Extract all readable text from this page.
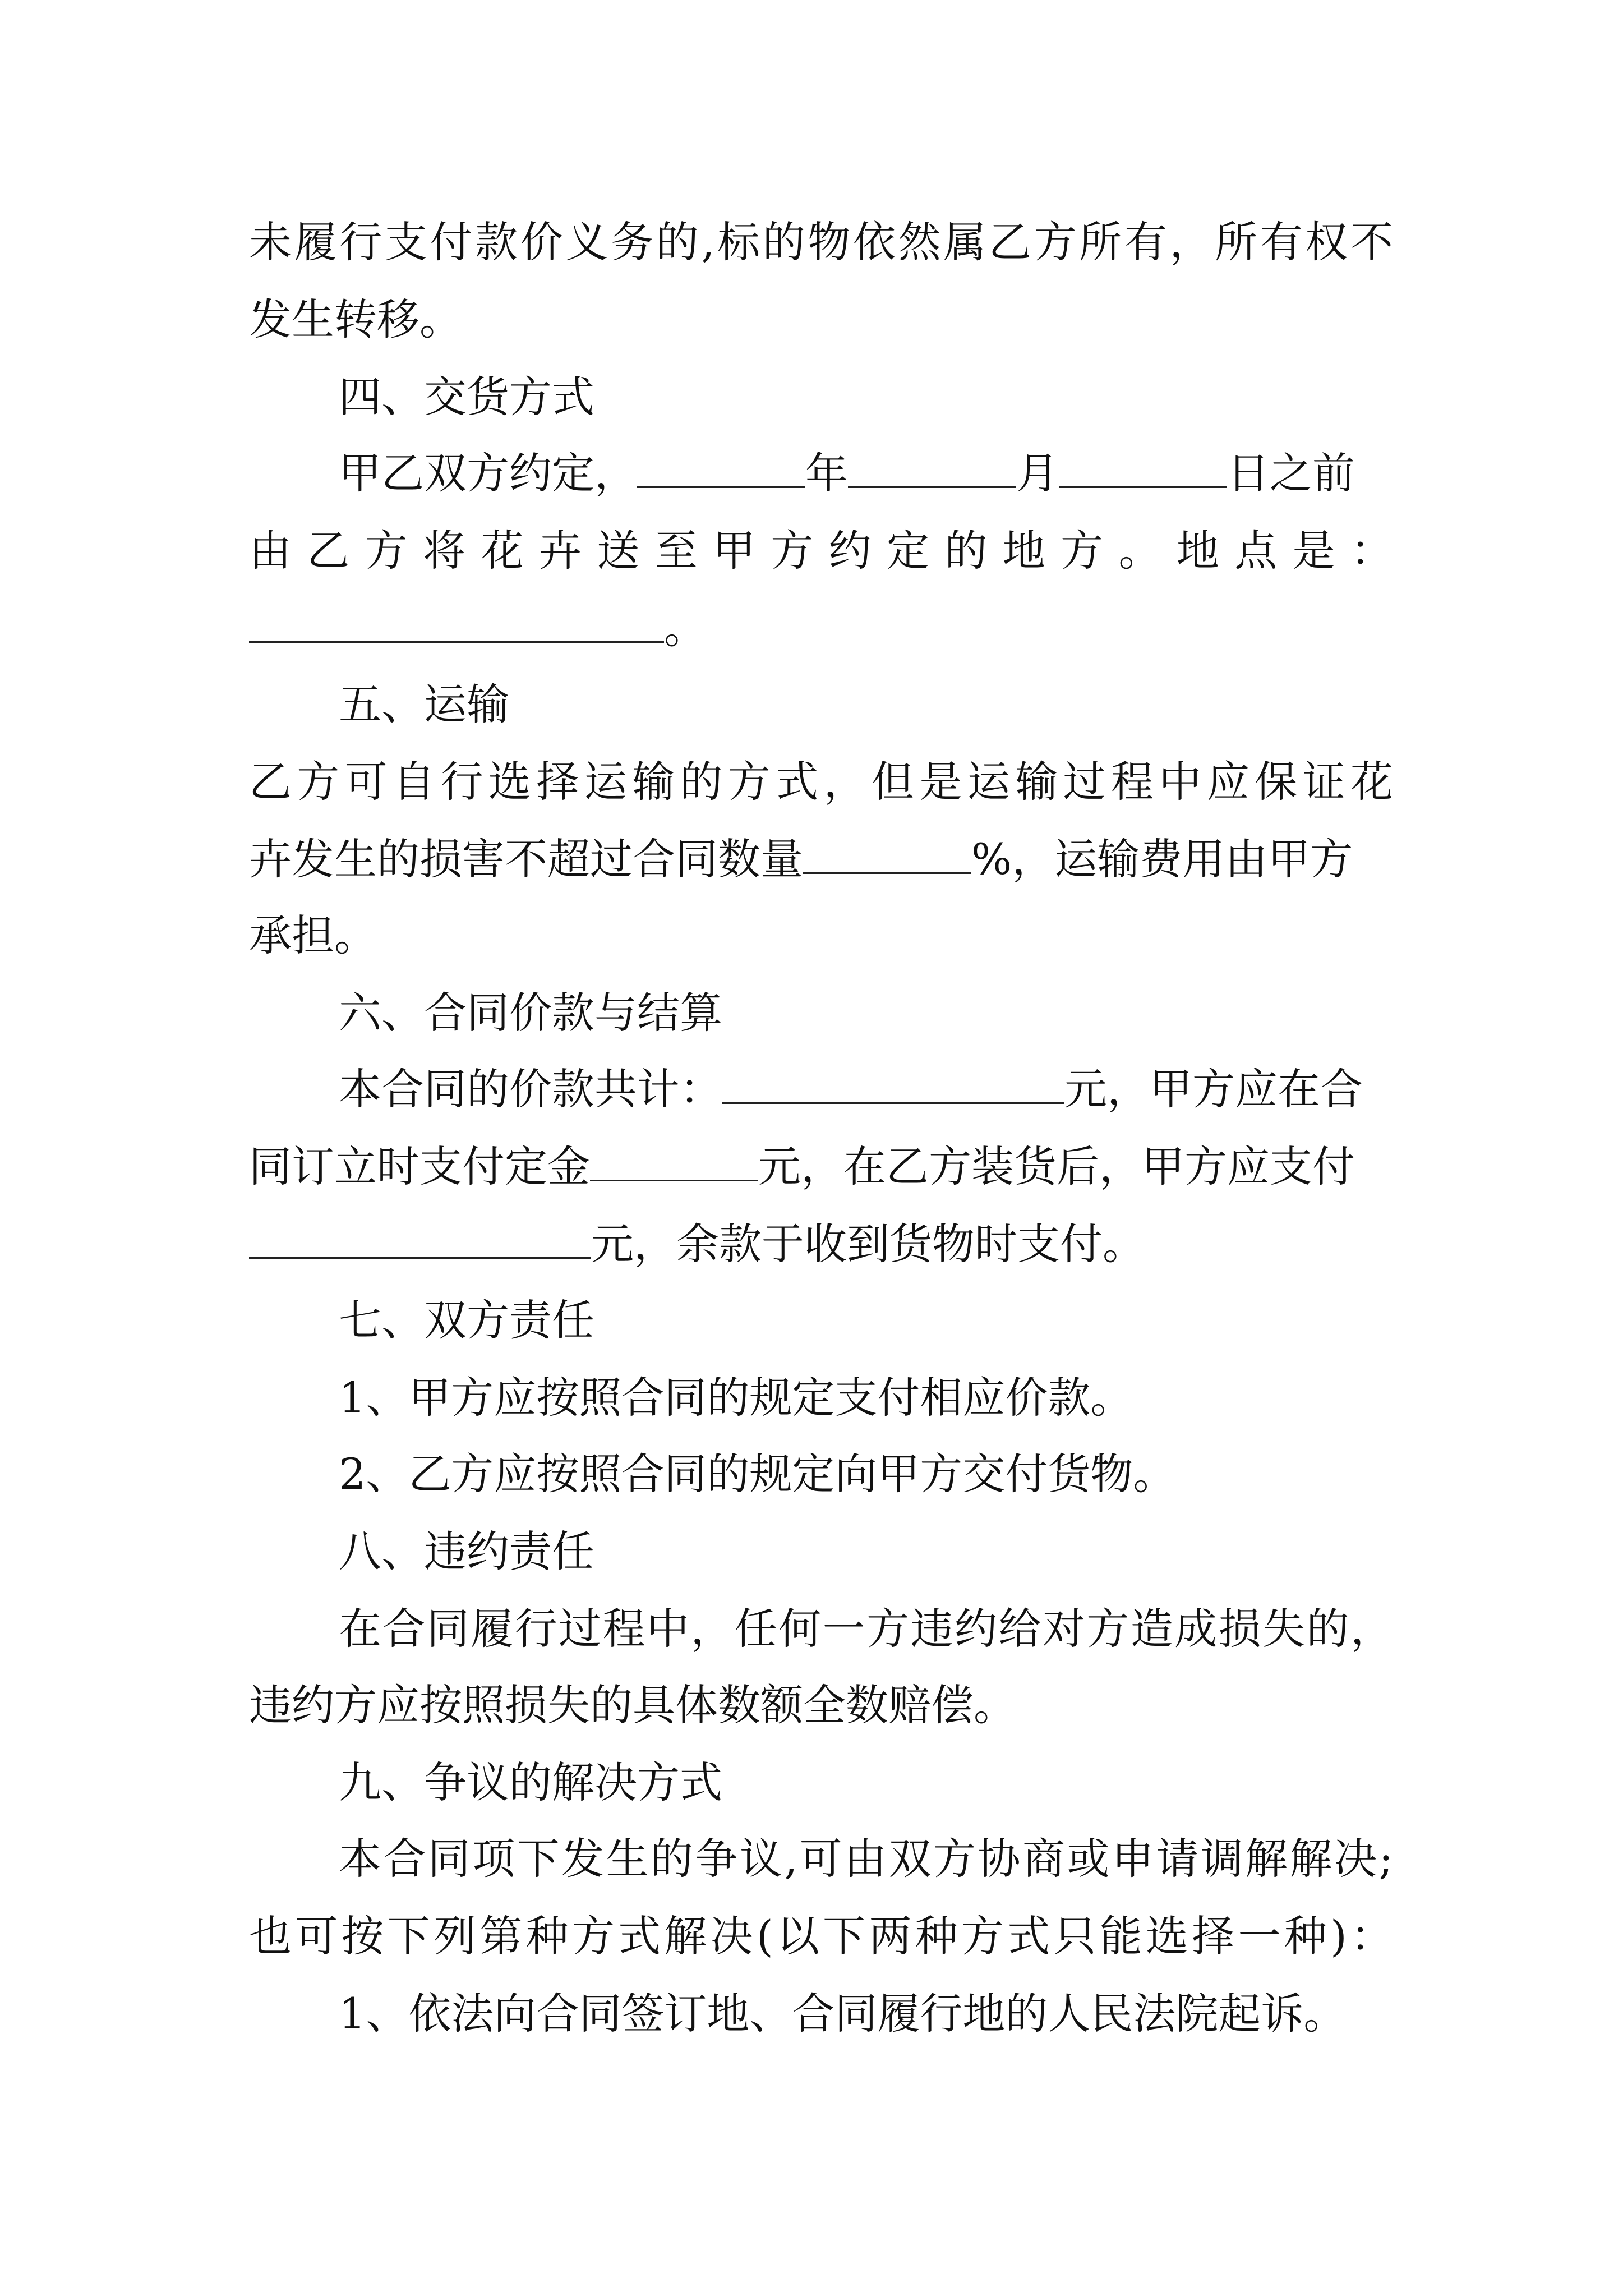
未履行支付款价义务的,标的物依然属乙方所有，所有权不
发生转移。
四、交货方式
甲乙双方约定，	年	月	日之前
由乙方将花卉送至甲方约定的地方。地点是：
。
五、运输
乙方可自行选择运输的方式，但是运输过程中应保证花
卉发生的损害不超过合同数量	%，运输费用由甲方
承担。
六、合同价款与结算
本合同的价款共计：	元，甲方应在合
同订立时支付定金	元，在乙方装货后，甲方应支付
元，余款于收到货物时支付。
七、双方责任
1、甲方应按照合同的规定支付相应价款。
2、乙方应按照合同的规定向甲方交付货物。
八、违约责任
在合同履行过程中，任何一方违约给对方造成损失的，
违约方应按照损失的具体数额全数赔偿。
九、争议的解决方式
本合同项下发生的争议,可由双方协商或申请调解解决;
也可按下列第种方式解决(以下两种方式只能选择一种)：
1、依法向合同签订地、合同履行地的人民法院起诉。
